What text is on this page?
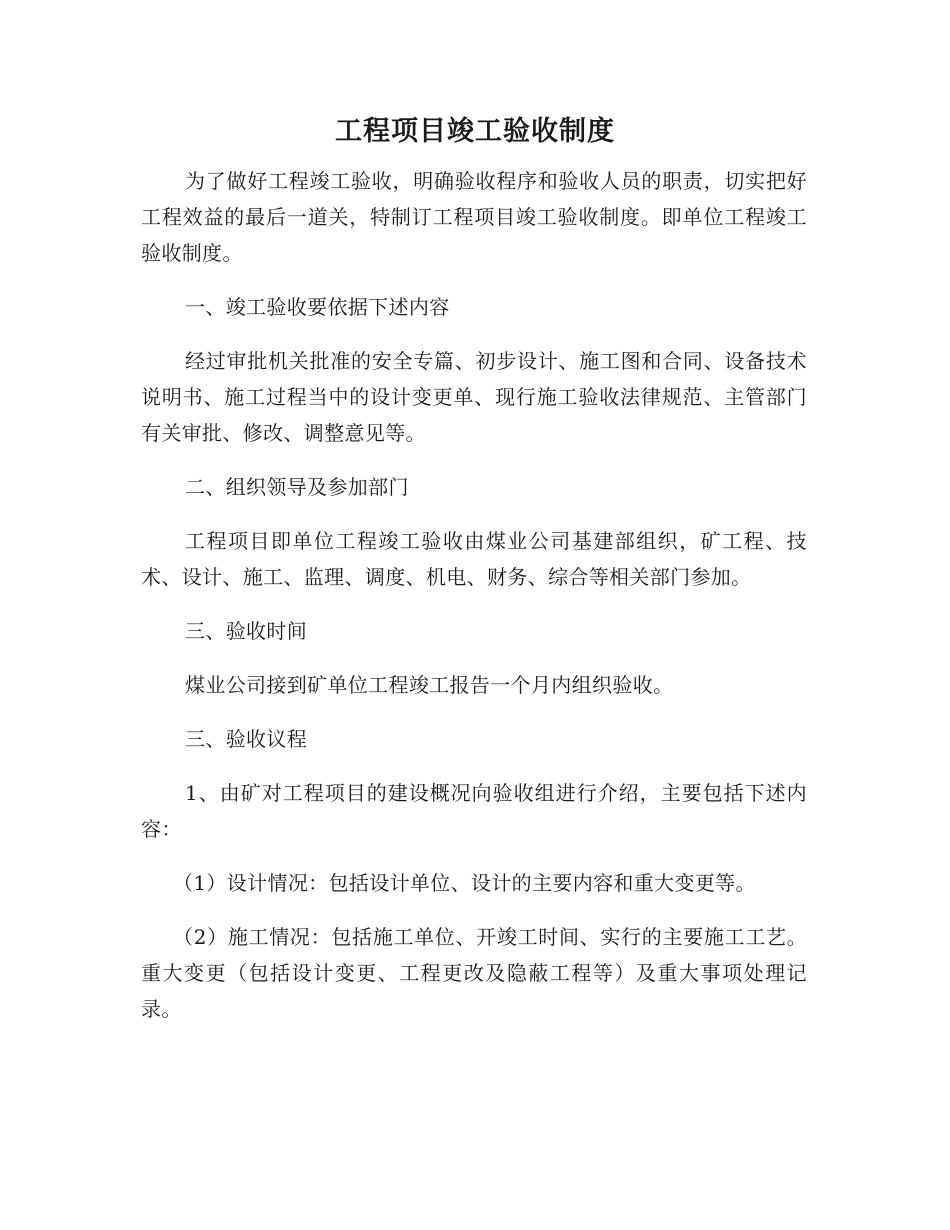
工程项目竣工验收制度

为了做好工程竣工验收，明确验收程序和验收人员的职责，切实把好工程效益的最后一道关，特制订工程项目竣工验收制度。即单位工程竣工验收制度。

一、竣工验收要依据下述内容

经过审批机关批准的安全专篇、初步设计、施工图和合同、设备技术说明书、施工过程当中的设计变更单、现行施工验收法律规范、主管部门有关审批、修改、调整意见等。

二、组织领导及参加部门

工程项目即单位工程竣工验收由煤业公司基建部组织，矿工程、技术、设计、施工、监理、调度、机电、财务、综合等相关部门参加。

三、验收时间

煤业公司接到矿单位工程竣工报告一个月内组织验收。

三、验收议程

1、由矿对工程项目的建设概况向验收组进行介绍，主要包括下述内容：

（1）设计情况：包括设计单位、设计的主要内容和重大变更等。

（2）施工情况：包括施工单位、开竣工时间、实行的主要施工工艺。 重大变更（包括设计变更、工程更改及隐蔽工程等）及重大事项处理记录。
